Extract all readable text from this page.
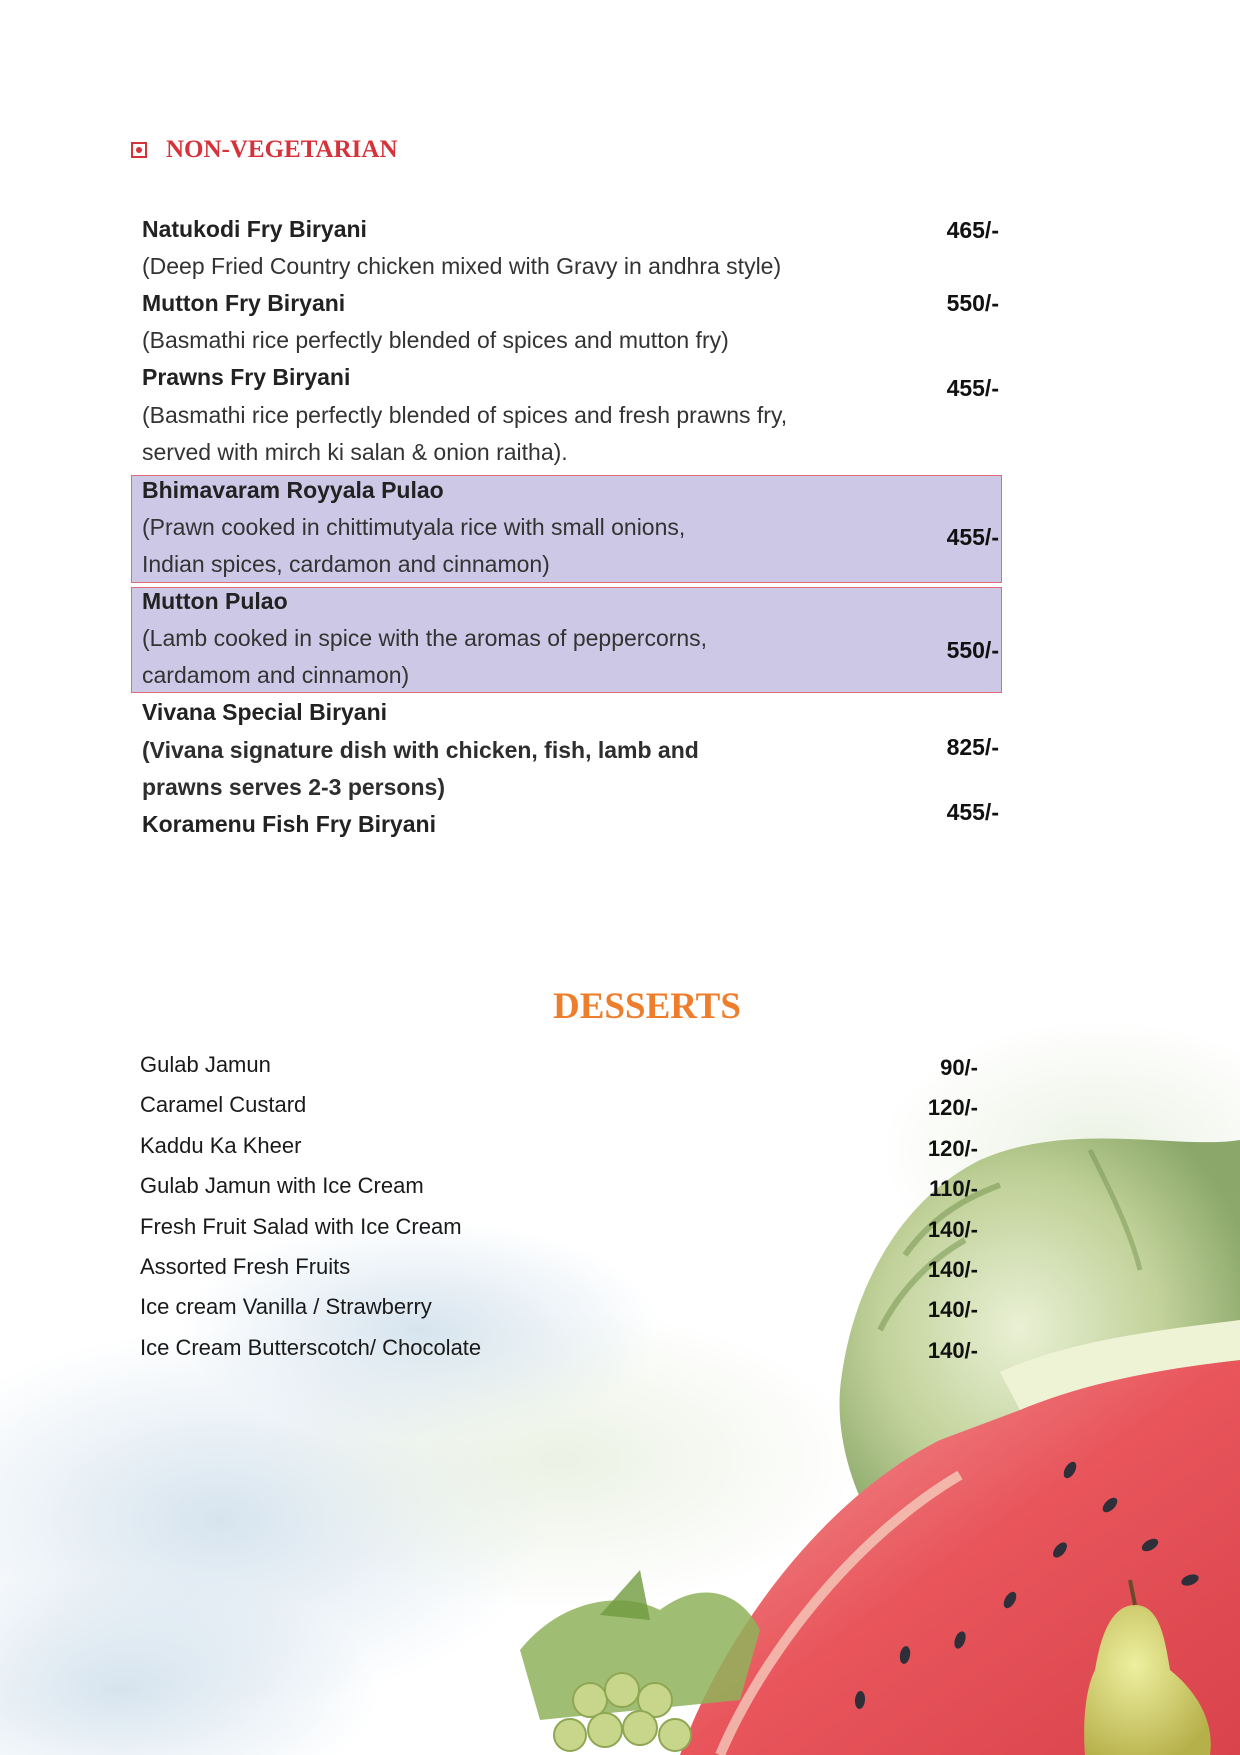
NON-VEGETARIAN
Natukodi Fry Biryani
(Deep Fried Country chicken mixed with Gravy in andhra style)
465/-
Mutton Fry Biryani
(Basmathi rice perfectly blended of spices and mutton fry)
550/-
Prawns Fry Biryani
(Basmathi rice perfectly blended of spices and fresh prawns fry,
served with mirch ki salan & onion raitha).
455/-
Bhimavaram Royyala Pulao
(Prawn cooked in chittimutyala rice with small onions,
Indian spices, cardamon and cinnamon)
455/-
Mutton Pulao
(Lamb cooked in spice with the aromas of peppercorns,
cardamom and cinnamon)
550/-
Vivana Special Biryani
(Vivana signature dish with chicken, fish, lamb and
prawns serves 2-3 persons)
825/-
Koramenu Fish Fry Biryani	455/-
DESSERTS
Gulab Jamun	90/-
Caramel Custard	120/-
Kaddu Ka Kheer	120/-
Gulab Jamun with Ice Cream	110/-
Fresh Fruit Salad with Ice Cream	140/-
Assorted Fresh Fruits	140/-
Ice cream Vanilla / Strawberry	140/-
Ice Cream Butterscotch/ Chocolate	140/-
